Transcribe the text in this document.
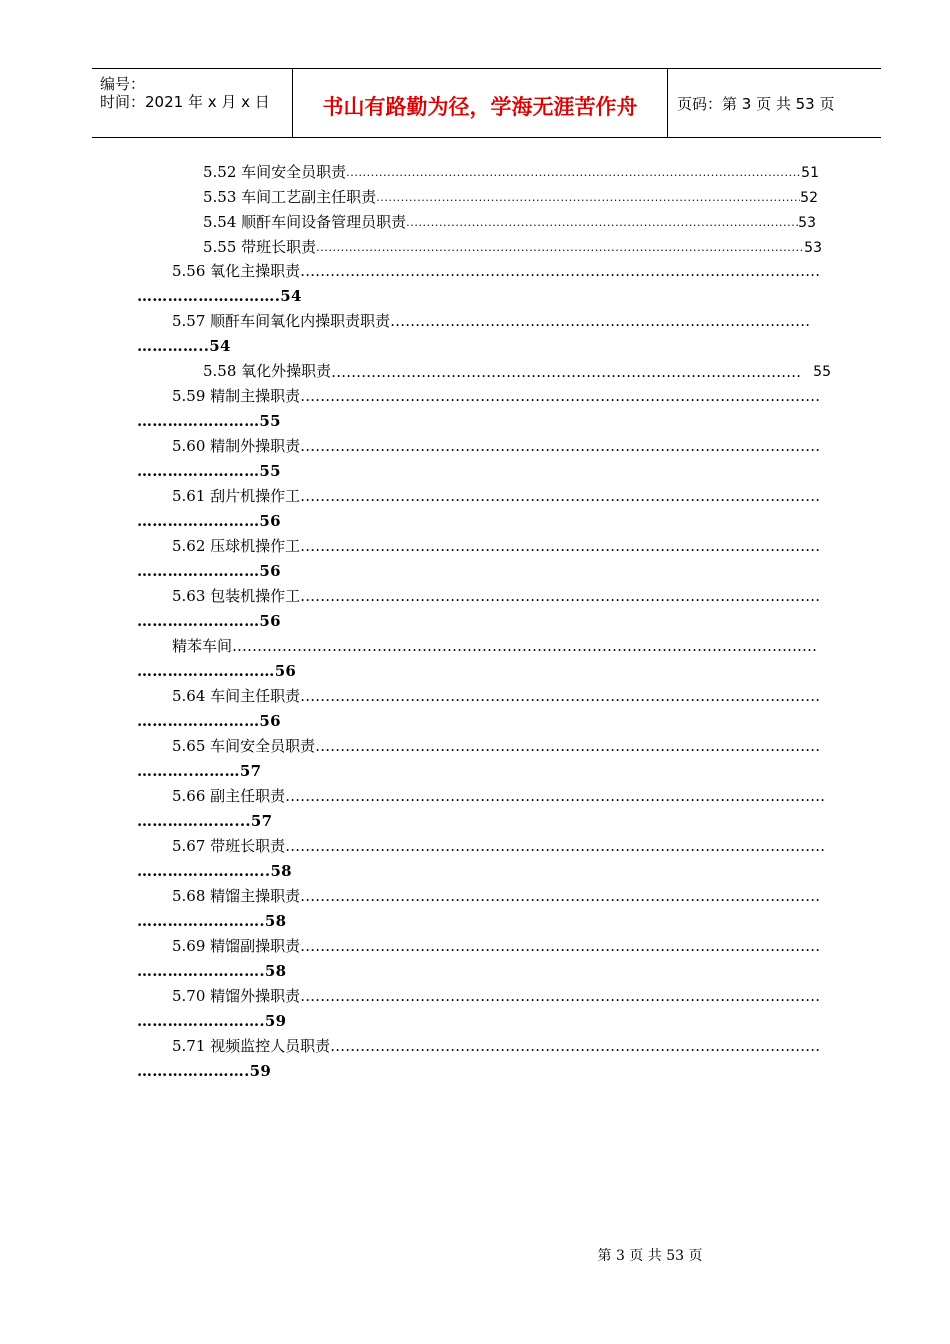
编号：
时间：2021 年 x 月 x 日	书山有路勤为径，学海无涯苦作舟	页码：第 3 页 共 53 页
5.52 车间安全员职责 .....	51
5.53 车间工艺副主任职责 .....	52
5.54 顺酐车间设备管理员职责 .....	53
5.55 带班长职责 .....	53
5.56 氧化主操职责…………………………………………………………………………………………………………………………………………………………………………………………………………………………
……………………….54
5.57 顺酐车间氧化内操职责职责…………………………………………………………………………………………………………………………………………………………………………………………………………………………
…………..54
5.58 氧化外操职责 …………………………………………………………………………………………………………………………………………………………………………………………………………………………	55
5.59 精制主操职责…………………………………………………………………………………………………………………………………………………………………………………………………………………………
……………………55
5.60 精制外操职责…………………………………………………………………………………………………………………………………………………………………………………………………………………………
……………………55
5.61 刮片机操作工…………………………………………………………………………………………………………………………………………………………………………………………………………………………
……………………56
5.62 压球机操作工…………………………………………………………………………………………………………………………………………………………………………………………………………………………
……………………56
5.63 包装机操作工…………………………………………………………………………………………………………………………………………………………………………………………………………………………
……………………56
精苯车间…………………………………………………………………………………………………………………………………………………………………………………………………………………………
………………………56
5.64 车间主任职责…………………………………………………………………………………………………………………………………………………………………………………………………………………………
……………………56
5.65 车间安全员职责…………………………………………………………………………………………………………………………………………………………………………………………………………………………
………..………57
5.66 副主任职责…………………………………………………………………………………………………………………………………………………………………………………………………………………………
…………….…...57
5.67 带班长职责…………………………………………………………………………………………………………………………………………………………………………………………………………………………
……………………..58
5.68 精馏主操职责…………………………………………………………………………………………………………………………………………………………………………………………………………………………
…………………….58
5.69 精馏副操职责…………………………………………………………………………………………………………………………………………………………………………………………………………………………
…………………….58
5.70 精馏外操职责…………………………………………………………………………………………………………………………………………………………………………………………………………………………
…………………….59
5.71 视频监控人员职责…………………………………………………………………………………………………………………………………………………………………………………………………………………………
………………….59
第 3 页 共 53 页
